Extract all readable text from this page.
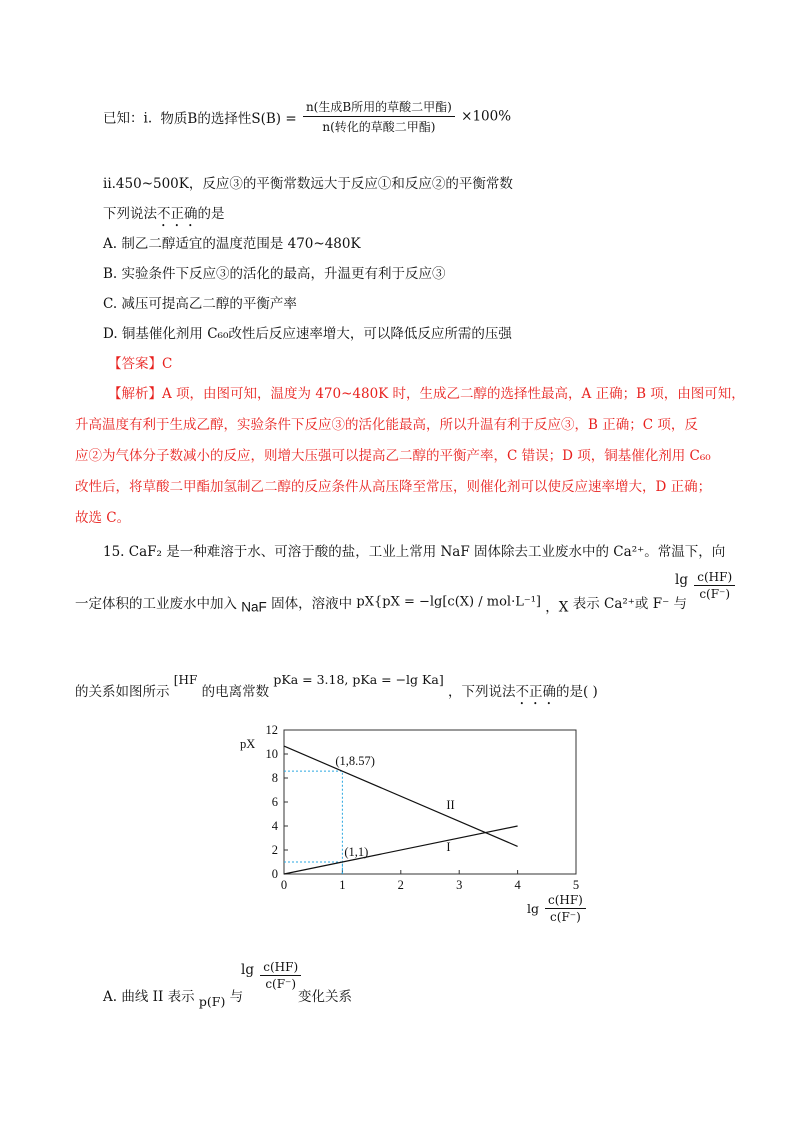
已知：i. 物质B的选择性$S(B) = \frac{\text{n(生成B所用的草酸二甲酯)}}{\text{n(转化的草酸二甲酯)}} \times 100\%$
ii.450~500K，反应③的平衡常数远大于反应①和反应②的平衡常数
下列说法不正确的是
A. 制乙二醇适宜的温度范围是 470~480K
B. 实验条件下反应③的活化的最高，升温更有利于反应③
C. 减压可提高乙二醇的平衡产率
D. 铜基催化剂用 C₆₀改性后反应速率增大，可以降低反应所需的压强
【答案】C
【解析】A 项，由图可知，温度为 470~480K 时，生成乙二醇的选择性最高，A 正确；B 项，由图可知，
升高温度有利于生成乙醇，实验条件下反应③的活化能最高，所以升温有利于反应③，B 正确；C 项，反
应②为气体分子数减小的反应，则增大压强可以提高乙二醇的平衡产率，C 错误；D 项，铜基催化剂用 C₆₀
改性后，将草酸二甲酯加氢制乙二醇的反应条件从高压降至常压，则催化剂可以使反应速率增大，D 正确；
故选 C。
15. CaF₂ 是一种难溶于水、可溶于酸的盐，工业上常用 NaF 固体除去工业废水中的 Ca²⁺。常温下，向
一定体积的工业废水中加入 NaF 固体，溶液中 pX{pX = −lg[c(X) / mol·L⁻¹] ，X 表示 Ca²⁺或 F⁻ 与
$\lg \frac{c(HF)}{c(F^-)}$
的关系如图所示 [HF 的电离常数 pKa = 3.18, pKa = −lg Ka] ，下列说法不正确的是( )
0
2
4
6
8
10
12
0	1	2	3	4	5
pX
II
I
(1,8.57)
(1,1)
$\lg \frac{c(HF)}{c(F^-)}$
A. 曲线 II 表示 p(F) 与
$\lg \frac{c(HF)}{c(F^-)}$
变化关系
